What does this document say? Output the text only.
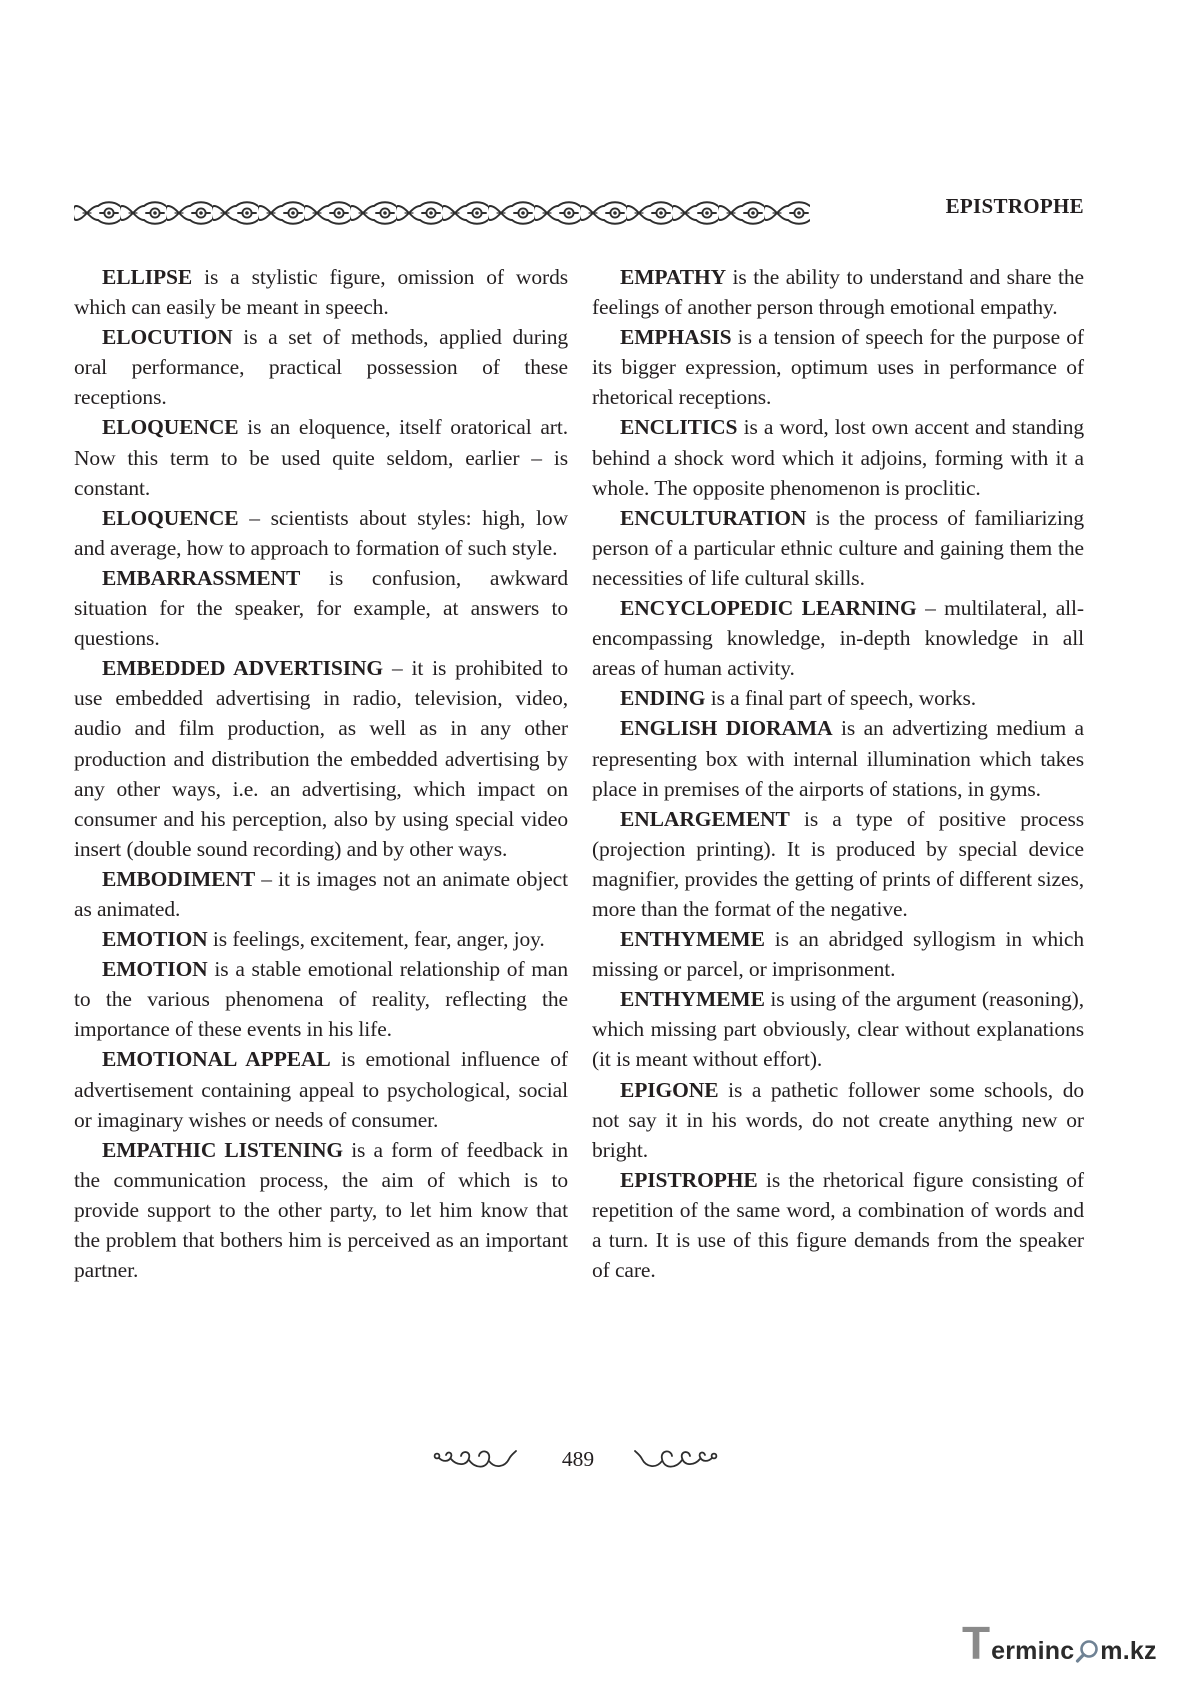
EPISTROPHE

ELLIPSE is a stylistic figure, omission of words which can easily be meant in speech.

ELOCUTION is a set of methods, applied during oral performance, practical possession of these receptions.

ELOQUENCE is an eloquence, itself oratorical art. Now this term to be used quite seldom, earlier – is constant.

ELOQUENCE – scientists about styles: high, low and average, how to approach to formation of such style.

EMBARRASSMENT is confusion, awkward situation for the speaker, for example, at answers to questions.

EMBEDDED ADVERTISING – it is prohibited to use embedded advertising in radio, television, video, audio and film production, as well as in any other production and distribution the embedded advertising by any other ways, i.e. an advertising, which impact on consumer and his perception, also by using special video insert (double sound recording) and by other ways.

EMBODIMENT – it is images not an animate object as animated.

EMOTION is feelings, excitement, fear, anger, joy.

EMOTION is a stable emotional relationship of man to the various phenomena of reality, reflecting the importance of these events in his life.

EMOTIONAL APPEAL is emotional influence of advertisement containing appeal to psychological, social or imaginary wishes or needs of consumer.

EMPATHIC LISTENING is a form of feedback in the communication process, the aim of which is to provide support to the other party, to let him know that the problem that bothers him is perceived as an important partner.

EMPATHY is the ability to understand and share the feelings of another person through emotional empathy.

EMPHASIS is a tension of speech for the purpose of its bigger expression, optimum uses in performance of rhetorical receptions.

ENCLITICS is a word, lost own accent and standing behind a shock word which it adjoins, forming with it a whole. The opposite phenomenon is proclitic.

ENCULTURATION is the process of familiarizing person of a particular ethnic culture and gaining them the necessities of life cultural skills.

ENCYCLOPEDIC LEARNING – multilateral, all-encompassing knowledge, in-depth knowledge in all areas of human activity.

ENDING is a final part of speech, works.

ENGLISH DIORAMA is an advertizing medium a representing box with internal illumination which takes place in premises of the airports of stations, in gyms.

ENLARGEMENT is a type of positive process (projection printing). It is produced by special device magnifier, provides the getting of prints of different sizes, more than the format of the negative.

ENTHYMEME is an abridged syllogism in which missing or parcel, or imprisonment.

ENTHYMEME is using of the argument (reasoning), which missing part obviously, clear without explanations (it is meant without effort).

EPIGONE is a pathetic follower some schools, do not say it in his words, do not create anything new or bright.

EPISTROPHE is the rhetorical figure consisting of repetition of the same word, a combination of words and a turn. It is use of this figure demands from the speaker of care.

489
T erminc m.kz
